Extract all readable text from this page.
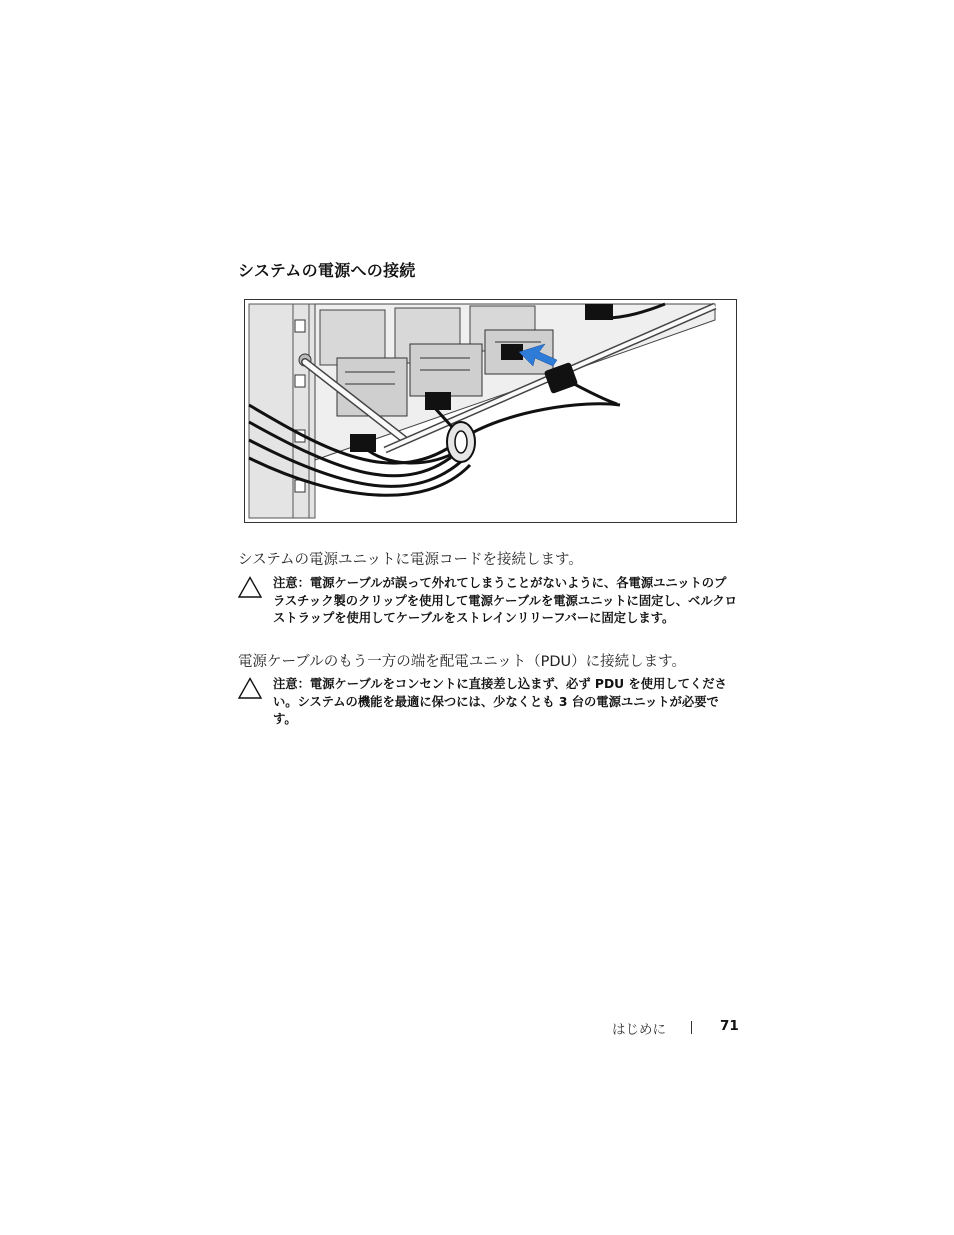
システムの電源への接続

システムの電源ユニットに電源コードを接続します。

注意：電源ケーブルが誤って外れてしまうことがないように、各電源ユニットのプラスチック製のクリップを使用して電源ケーブルを電源ユニットに固定し、ベルクロストラップを使用してケーブルをストレインリリーフバーに固定します。

電源ケーブルのもう一方の端を配電ユニット（PDU）に接続します。

注意：電源ケーブルをコンセントに直接差し込まず、必ず PDU を使用してください。システムの機能を最適に保つには、少なくとも 3 台の電源ユニットが必要です。
はじめに	71
